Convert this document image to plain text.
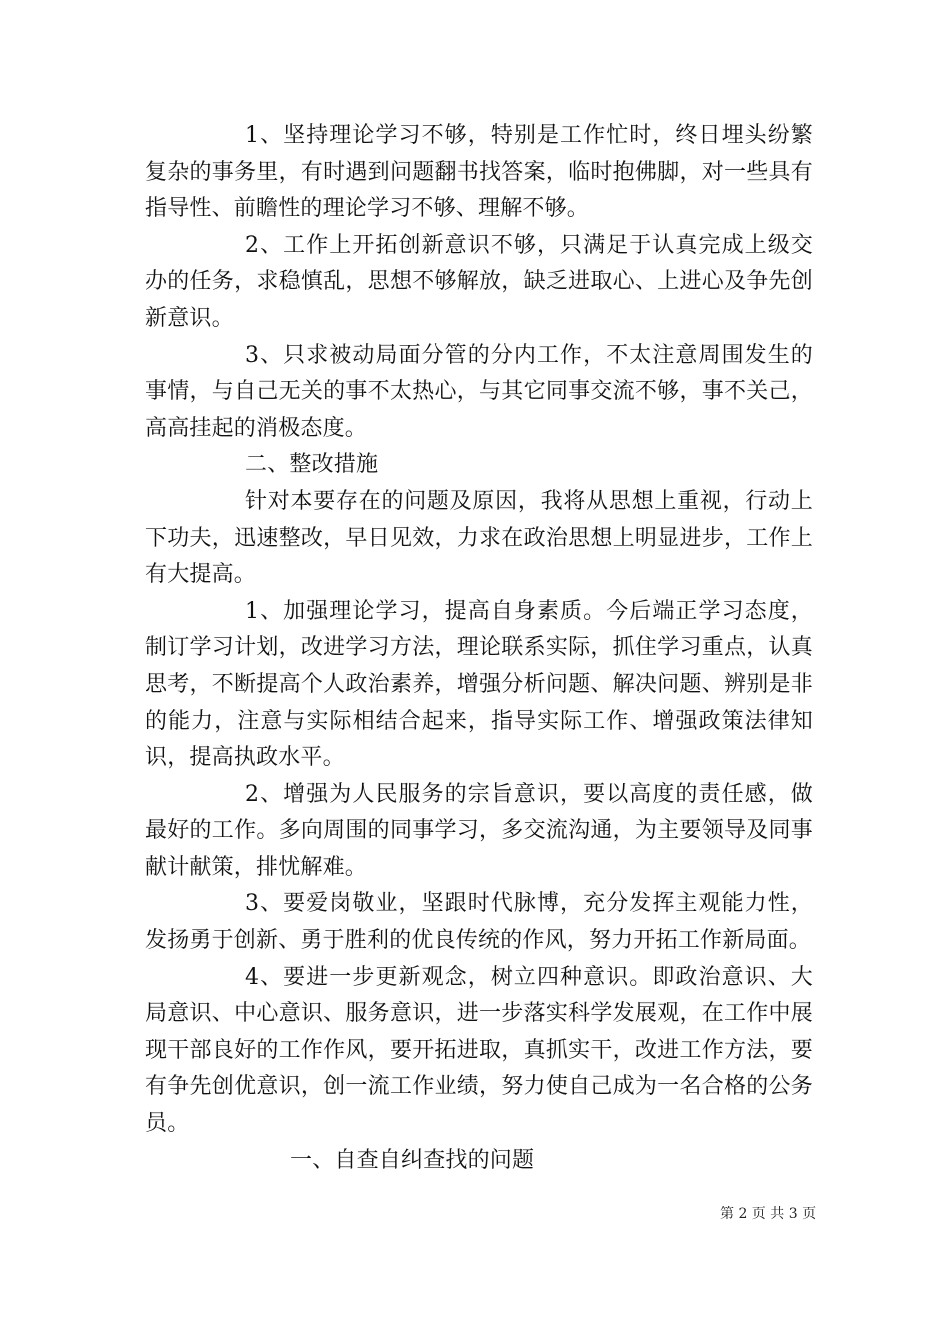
1、坚持理论学习不够，特别是工作忙时，终日埋头纷繁复杂的事务里，有时遇到问题翻书找答案，临时抱佛脚，对一些具有指导性、前瞻性的理论学习不够、理解不够。

2、工作上开拓创新意识不够，只满足于认真完成上级交办的任务，求稳慎乱，思想不够解放，缺乏进取心、上进心及争先创新意识。

3、只求被动局面分管的分内工作，不太注意周围发生的事情，与自己无关的事不太热心，与其它同事交流不够，事不关己，高高挂起的消极态度。

二、整改措施

针对本要存在的问题及原因，我将从思想上重视，行动上下功夫，迅速整改，早日见效，力求在政治思想上明显进步，工作上有大提高。

1、加强理论学习，提高自身素质。今后端正学习态度，制订学习计划，改进学习方法，理论联系实际，抓住学习重点，认真思考，不断提高个人政治素养，增强分析问题、解决问题、辨别是非的能力，注意与实际相结合起来，指导实际工作、增强政策法律知识，提高执政水平。

2、增强为人民服务的宗旨意识，要以高度的责任感，做最好的工作。多向周围的同事学习，多交流沟通，为主要领导及同事献计献策，排忧解难。

3、要爱岗敬业，坚跟时代脉博，充分发挥主观能力性，发扬勇于创新、勇于胜利的优良传统的作风，努力开拓工作新局面。

4、要进一步更新观念，树立四种意识。即政治意识、大局意识、中心意识、服务意识，进一步落实科学发展观，在工作中展现干部良好的工作作风，要开拓进取，真抓实干，改进工作方法，要有争先创优意识，创一流工作业绩，努力使自己成为一名合格的公务员。

一、自查自纠查找的问题

第 2 页 共 3 页
